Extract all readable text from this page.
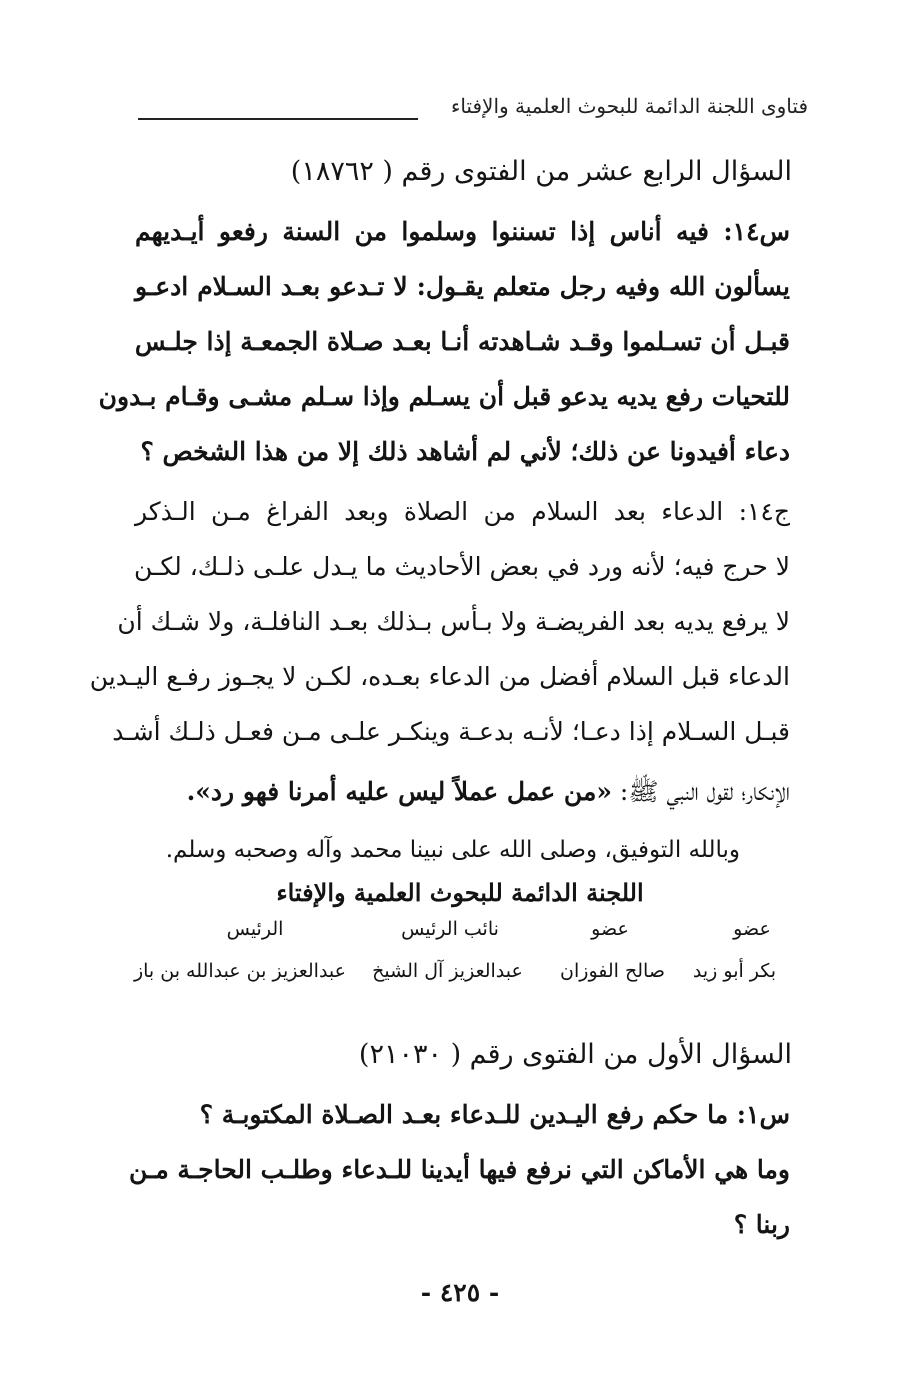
فتاوى اللجنة الدائمة للبحوث العلمية والإفتاء
السؤال الرابع عشر من الفتوى رقم ( ١٨٧٦٢)
س١٤: فيه أناس إذا تسننوا وسلموا من السنة رفعو أيـديهم
يسألون الله وفيه رجل متعلم يقـول: لا تـدعو بعـد السـلام ادعـو
قبـل أن تسـلموا وقـد شـاهدته أنـا بعـد صـلاة الجمعـة إذا جلـس
للتحيات رفع يديه يدعو قبل أن يسـلم وإذا سـلم مشـى وقـام بـدون
دعاء أفيدونا عن ذلك؛ لأني لم أشاهد ذلك إلا من هذا الشخص ؟
ج١٤: الدعاء بعد السلام من الصلاة وبعد الفراغ مـن الـذكر
لا حرج فيه؛ لأنه ورد في بعض الأحاديث ما يـدل علـى ذلـك، لكـن
لا يرفع يديه بعد الفريضـة ولا بـأس بـذلك بعـد النافلـة، ولا شـك أن
الدعاء قبل السلام أفضل من الدعاء بعـده، لكـن لا يجـوز رفـع اليـدين
قبـل السـلام إذا دعـا؛ لأنـه بدعـة وينكـر علـى مـن فعـل ذلـك أشـد
الإنكار؛ لقول النبي ﷺ: «من عمل عملاً ليس عليه أمرنا فهو رد».
وبالله التوفيق، وصلى الله على نبينا محمد وآله وصحبه وسلم.
اللجنة الدائمة للبحوث العلمية والإفتاء
عضو
عضو
نائب الرئيس
الرئيس
بكر أبو زيد
صالح الفوزان
عبدالعزيز آل الشيخ
عبدالعزيز بن عبدالله بن باز
السؤال الأول من الفتوى رقم ( ٢١٠٣٠)
س١: ما حكم رفع اليـدين للـدعاء بعـد الصـلاة المكتوبـة ؟
وما هي الأماكن التي نرفع فيها أيدينا للـدعاء وطلـب الحاجـة مـن
ربنا ؟
- ٤٢٥ -
